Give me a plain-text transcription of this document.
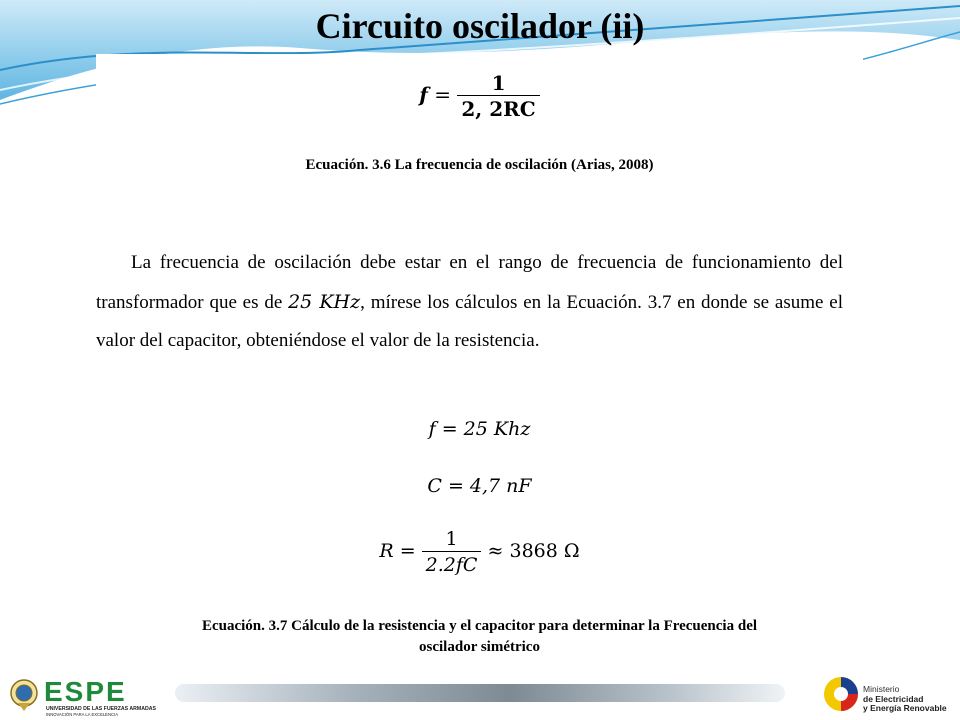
Circuito oscilador (ii)
$f = \frac{1}{2, 2RC}$
Ecuación. 3.6 La frecuencia de oscilación (Arias, 2008)

La frecuencia de oscilación debe estar en el rango de frecuencia de funcionamiento del transformador que es de 25 KHz, mírese los cálculos en la Ecuación. 3.7 en donde se asume el valor del capacitor, obteniéndose el valor de la resistencia.

f = 25 Khz
C = 4,7 nF
$R = \frac{1}{2.2fC} \approx 3868$ Ω
Ecuación. 3.7 Cálculo de la resistencia y el capacitor para determinar la Frecuencia del
oscilador simétrico
ESPE
UNIVERSIDAD DE LAS FUERZAS ARMADAS
INNOVACIÓN PARA LA EXCELENCIA
Ministerio
de Electricidad
y Energía Renovable
